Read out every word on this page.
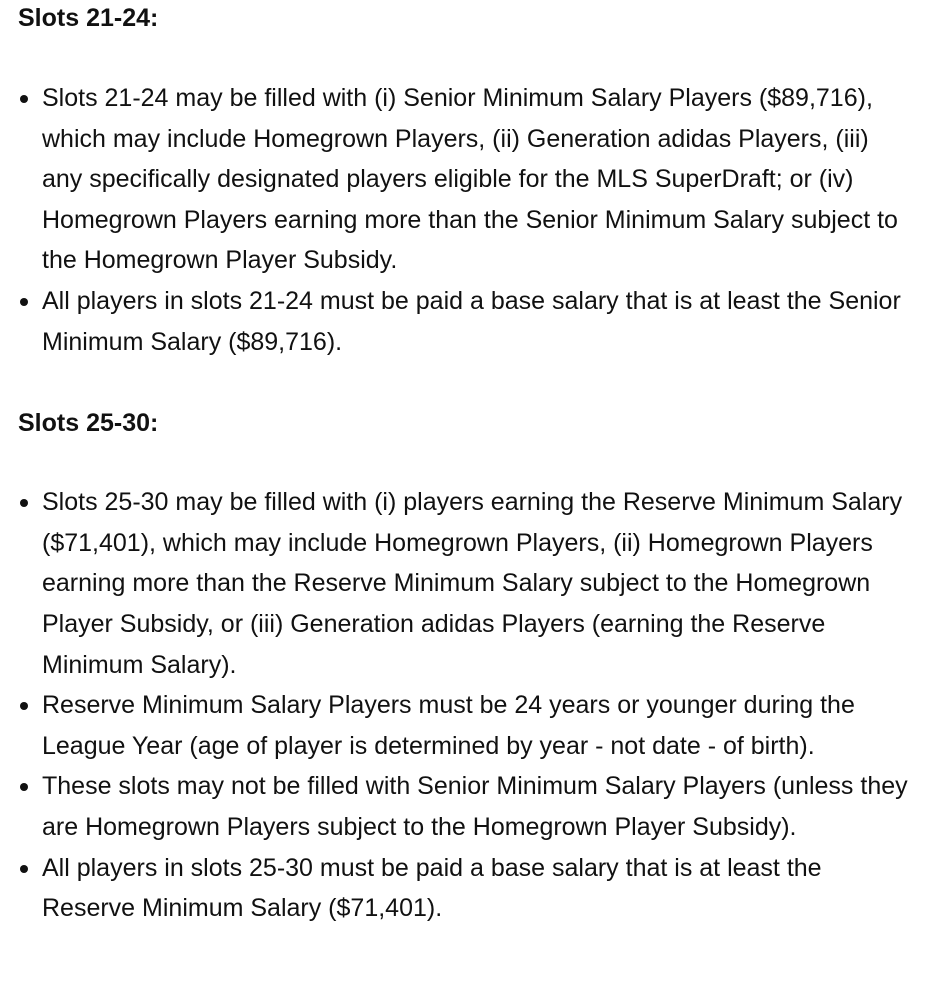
Slots 21-24:
Slots 21-24 may be filled with (i) Senior Minimum Salary Players ($89,716), which may include Homegrown Players, (ii) Generation adidas Players, (iii) any specifically designated players eligible for the MLS SuperDraft; or (iv) Homegrown Players earning more than the Senior Minimum Salary subject to the Homegrown Player Subsidy.
All players in slots 21-24 must be paid a base salary that is at least the Senior Minimum Salary ($89,716).
Slots 25-30:
Slots 25-30 may be filled with (i) players earning the Reserve Minimum Salary ($71,401), which may include Homegrown Players, (ii) Homegrown Players earning more than the Reserve Minimum Salary subject to the Homegrown Player Subsidy, or (iii) Generation adidas Players (earning the Reserve Minimum Salary).
Reserve Minimum Salary Players must be 24 years or younger during the League Year (age of player is determined by year - not date - of birth).
These slots may not be filled with Senior Minimum Salary Players (unless they are Homegrown Players subject to the Homegrown Player Subsidy).
All players in slots 25-30 must be paid a base salary that is at least the Reserve Minimum Salary ($71,401).
